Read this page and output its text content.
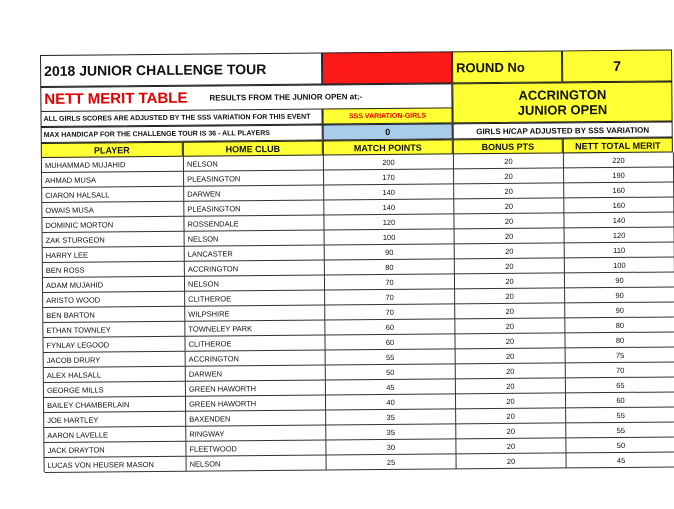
2018 JUNIOR CHALLENGE TOUR	ROUND No	7
NETT MERIT TABLE	RESULTS FROM THE JUNIOR OPEN at;-	ACCRINGTON
JUNIOR OPEN
ALL GIRLS SCORES ARE ADJUSTED BY THE SSS VARIATION FOR THIS EVENT	SSS VARIATION-GIRLS
MAX HANDICAP FOR THE CHALLENGE TOUR IS 36 - ALL PLAYERS	0	GIRLS H/CAP ADJUSTED BY SSS VARIATION
PLAYER	HOME CLUB	MATCH POINTS	BONUS PTS	NETT TOTAL MERIT
MUHAMMAD MUJAHID	NELSON	200	20	220
AHMAD MUSA	PLEASINGTON	170	20	190
CIARON HALSALL	DARWEN	140	20	160
OWAIS MUSA	PLEASINGTON	140	20	160
DOMINIC MORTON	ROSSENDALE	120	20	140
ZAK STURGEON	NELSON	100	20	120
HARRY LEE	LANCASTER	90	20	110
BEN ROSS	ACCRINGTON	80	20	100
ADAM MUJAHID	NELSON	70	20	90
ARISTO WOOD	CLITHEROE	70	20	90
BEN BARTON	WILPSHIRE	70	20	90
ETHAN TOWNLEY	TOWNELEY PARK	60	20	80
FYNLAY LEGOOD	CLITHEROE	60	20	80
JACOB DRURY	ACCRINGTON	55	20	75
ALEX HALSALL	DARWEN	50	20	70
GEORGE MILLS	GREEN HAWORTH	45	20	65
BAILEY CHAMBERLAIN	GREEN HAWORTH	40	20	60
JOE HARTLEY	BAXENDEN	35	20	55
AARON LAVELLE	RINGWAY	35	20	55
JACK DRAYTON	FLEETWOOD	30	20	50
LUCAS VON HEUSER MASON	NELSON	25	20	45
